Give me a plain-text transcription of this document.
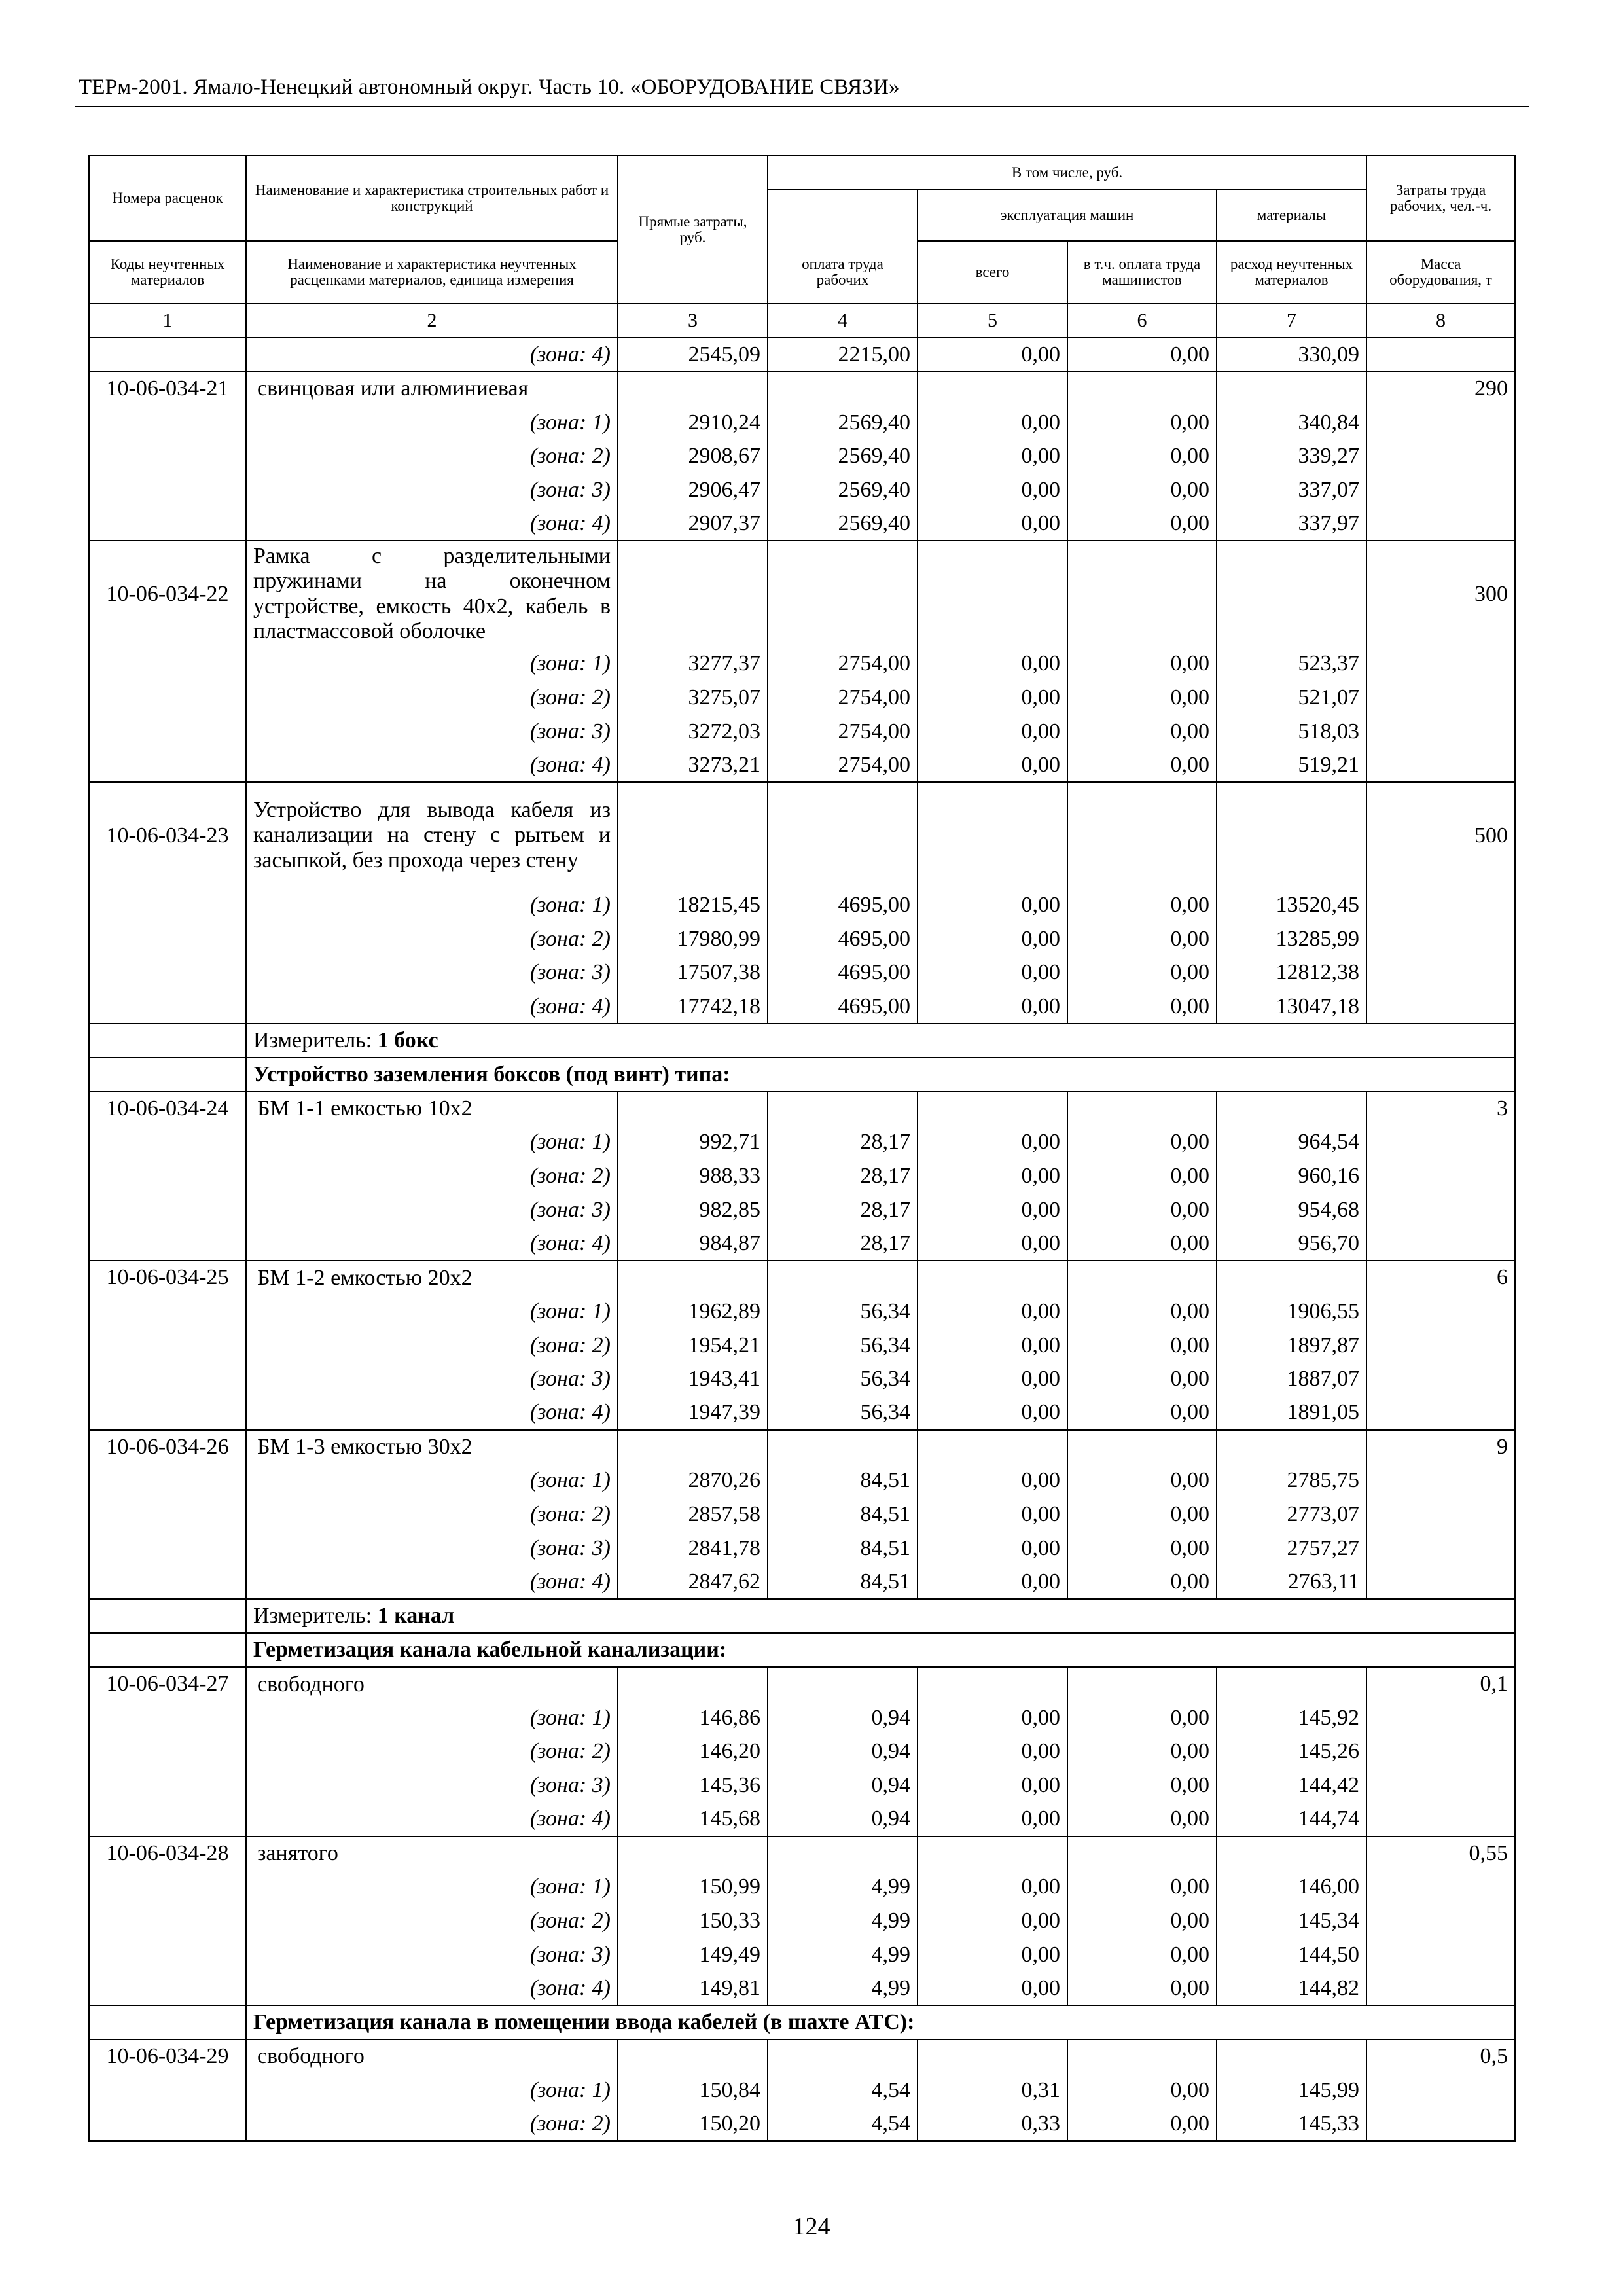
ТЕРм-2001. Ямало-Ненецкий автономный округ. Часть 10. «ОБОРУДОВАНИЕ СВЯЗИ»
Номера расценок	Наименование и характеристика строительных работ и конструкций	Прямые затраты, руб.	В том числе, руб.				Затраты труда рабочих, чел.-ч.
				эксплуатация машин		материалы	
Коды неучтенных материалов	Наименование и характеристика неучтенных расценками материалов, единица измерения		оплата труда рабочих	всего	в т.ч. оплата труда машинистов	расход неучтенных материалов	Масса оборудования, т
1	2	3	4	5	6	7	8
	(зона: 4)	2545,09	2215,00	0,00	0,00	330,09	
10-06-034-21	свинцовая или алюминиевая						290
	(зона: 1)	2910,24	2569,40	0,00	0,00	340,84	
	(зона: 2)	2908,67	2569,40	0,00	0,00	339,27	
	(зона: 3)	2906,47	2569,40	0,00	0,00	337,07	
	(зона: 4)	2907,37	2569,40	0,00	0,00	337,97	
10-06-034-22	Рамка с разделительными пружинами на оконечном устройстве, емкость 40х2, кабель в пластмассовой оболочке						300
	(зона: 1)	3277,37	2754,00	0,00	0,00	523,37	
	(зона: 2)	3275,07	2754,00	0,00	0,00	521,07	
	(зона: 3)	3272,03	2754,00	0,00	0,00	518,03	
	(зона: 4)	3273,21	2754,00	0,00	0,00	519,21	
10-06-034-23	Устройство для вывода кабеля из канализации на стену с рытьем и засыпкой, без прохода через стену						500
	(зона: 1)	18215,45	4695,00	0,00	0,00	13520,45	
	(зона: 2)	17980,99	4695,00	0,00	0,00	13285,99	
	(зона: 3)	17507,38	4695,00	0,00	0,00	12812,38	
	(зона: 4)	17742,18	4695,00	0,00	0,00	13047,18	
	Измеритель: 1 бокс						
	Устройство заземления боксов (под винт) типа:						
10-06-034-24	БМ 1-1 емкостью 10х2						3
	(зона: 1)	992,71	28,17	0,00	0,00	964,54	
	(зона: 2)	988,33	28,17	0,00	0,00	960,16	
	(зона: 3)	982,85	28,17	0,00	0,00	954,68	
	(зона: 4)	984,87	28,17	0,00	0,00	956,70	
10-06-034-25	БМ 1-2 емкостью 20х2						6
	(зона: 1)	1962,89	56,34	0,00	0,00	1906,55	
	(зона: 2)	1954,21	56,34	0,00	0,00	1897,87	
	(зона: 3)	1943,41	56,34	0,00	0,00	1887,07	
	(зона: 4)	1947,39	56,34	0,00	0,00	1891,05	
10-06-034-26	БМ 1-3 емкостью 30х2						9
	(зона: 1)	2870,26	84,51	0,00	0,00	2785,75	
	(зона: 2)	2857,58	84,51	0,00	0,00	2773,07	
	(зона: 3)	2841,78	84,51	0,00	0,00	2757,27	
	(зона: 4)	2847,62	84,51	0,00	0,00	2763,11	
	Измеритель: 1 канал						
	Герметизация канала кабельной канализации:						
10-06-034-27	свободного						0,1
	(зона: 1)	146,86	0,94	0,00	0,00	145,92	
	(зона: 2)	146,20	0,94	0,00	0,00	145,26	
	(зона: 3)	145,36	0,94	0,00	0,00	144,42	
	(зона: 4)	145,68	0,94	0,00	0,00	144,74	
10-06-034-28	занятого						0,55
	(зона: 1)	150,99	4,99	0,00	0,00	146,00	
	(зона: 2)	150,33	4,99	0,00	0,00	145,34	
	(зона: 3)	149,49	4,99	0,00	0,00	144,50	
	(зона: 4)	149,81	4,99	0,00	0,00	144,82	
	Герметизация канала в помещении ввода кабелей (в шахте АТС):						
10-06-034-29	свободного						0,5
	(зона: 1)	150,84	4,54	0,31	0,00	145,99	
	(зона: 2)	150,20	4,54	0,33	0,00	145,33	
124
